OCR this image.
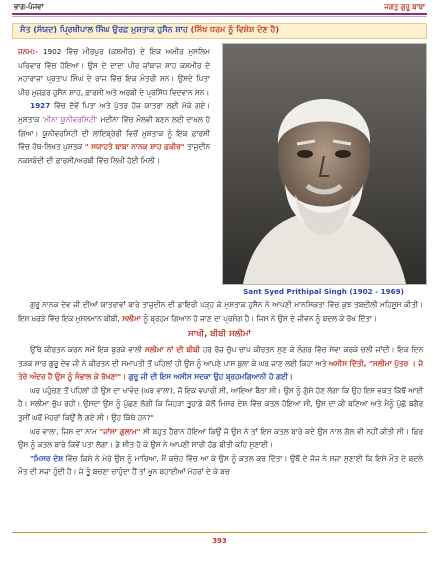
ਭਾਗ-ਪੰਜਵਾਂ	ਜਗਤੁ ਗੁਰੂ ਬਾਬਾ
ਸੰਤ (ਸੱਯਦ) ਪ੍ਰਿਥੀਪਾਲ ਸਿੰਘ ਉਰਫ਼ ਮੁਸ਼ਤਾਕ ਹੁਸੈਨ ਸ਼ਾਹ (ਸਿੱਖ ਧਰਮ ਨੂੰ ਵਿਸ਼ੇਸ਼ ਦੇਣ ਹੈ)

ਜਨਮ:- 1902 ਵਿੱਚ ਮੀਰਪੁਰ (ਕਸ਼ਮੀਰ) ਦੇ ਇਕ ਅਮੀਰ ਮੁਸਲਿਮ ਪਰਿਵਾਰ ਵਿੱਚ ਹੋਇਆ। ਉਸ ਦੇ ਦਾਦਾ ਪੀਰ ਜ਼ਾਂਬਾਜ਼ ਸ਼ਾਹ ਕਸ਼ਮੀਰ ਦੇ ਮਹਾਰਾਜਾ ਪ੍ਰਤਾਪ ਸਿੰਘ ਦੇ ਰਾਜ ਵਿੱਚ ਇਕ ਮੰਤਰੀ ਸਨ। ਉਸਦੇ ਪਿਤਾ ਪੀਰ ਮੁਜ਼ਫ਼ਰ ਹੁਸੈਨ ਸ਼ਾਹ, ਫ਼ਾਰਸੀ ਅਤੇ ਅਰਬੀ ਦੇ ਪ੍ਰਸਿੱਧ ਵਿਦਵਾਨ ਸਨ।

1927 ਵਿੱਚ ਦੋਵੇਂ ਪਿਤਾ ਅਤੇ ਪੁੱਤਰ ਹੱਜ ਯਾਤਰਾ ਲਈ ਮੱਕੇ ਗਏ। ਮੁਸ਼ਤਾਕ 'ਮੀਨਾ ਯੂਨੀਵਰਸਿਟੀ' ਮਦੀਨਾ ਵਿੱਚ ਮੌਲਵੀ ਬਣਨ ਲਈ ਦਾਖ਼ਲ ਹੋ ਗਿਆ। ਯੂਨੀਵਰਸਿਟੀ ਦੀ ਲਾਇਬ੍ਰੇਰੀ ਵਿਚੋਂ ਮੁਸ਼ਤਾਕ ਨੂੰ ਇਕ ਫ਼ਾਰਸੀ ਵਿੱਚ ਹੱਥ-ਲਿਖਤ ਪੁਸਤਕ " ਸਯਾਹਤੇ ਬਾਬਾ ਨਾਨਕ ਸ਼ਾਹ ਫ਼ਕੀਰ" ਤਾਜੁਦੀਨ ਨਕਸ਼ਬੰਦੀ ਦੀ ਫ਼ਾਰਸੀ/ਅਰਬੀ ਵਿੱਚ ਲਿਖੀ ਹੋਈ ਮਿਲੀ।

Sant Syed Prithipal Singh (1902 - 1969)

ਗੁਰੂ ਨਾਨਕ ਦੇਵ ਜੀ ਦੀਆਂ ਯਾਤਰਾਵਾਂ ਬਾਰੇ ਤਾਜੁਦੀਨ ਦੀ ਡਾਇਰੀ ਪੜ੍ਹ ਕੇ ਮੁਸ਼ਤਾਕ ਹੁਸੈਨ ਨੇ ਆਪਣੀ ਮਾਨਸਿਕਤਾ ਵਿੱਚ ਕੁਝ ਤਬਦੀਲੀ ਮਹਿਸੂਸ ਕੀਤੀ। ਇਸ ਖ਼ਰੜੇ ਵਿੱਚ ਇਕ ਮੁਸਲਮਾਨ ਬੀਬੀ, ਸਲੀਮਾ ਨੂੰ ਬ੍ਰਹਮ ਗਿਆਨ ਹੋ ਜਾਣ ਦਾ ਪ੍ਰਸੰਗ ਹੈ। ਜਿਸ ਨੇ ਉਸ ਦੇ ਜੀਵਨ ਨੂੰ ਬਦਲ ਕੇ ਰੱਖ ਦਿੱਤਾ।

ਸਾਖੀ, ਬੀਬੀ ਸਲੀਮਾਂ

ਉੱਥੇ ਕੀਰਤਨ ਕਰਨ ਸਮੇਂ ਇਕ ਬੁਰਕੇ ਵਾਲੀ ਸਲੀਮਾ ਨਾਂ ਦੀ ਬੀਬੀ ਹਰ ਰੋਜ਼ ਚੁੱਪ ਚਾਪ ਕੀਰਤਨ ਸੁਣ ਕੇ ਲੰਗਰ ਵਿੱਚ ਸੇਵਾ ਕਰਕੇ ਚਲੀ ਜਾਂਦੀ। ਇਕ ਦਿਨ ਤੜਕ ਸਾਰ ਗੁਰੂ ਦੇਵ ਜੀ ਨੇ ਕੀਰਤਨ ਦੀ ਸਮਾਪਤੀ ਤੋਂ ਪਹਿਲਾਂ ਹੀ ਉਸ ਨੂੰ ਆਪਣੇ ਪਾਸ ਬੁਲਾ ਕੇ ਘਰ ਜਾਣ ਲਈ ਕਿਹਾ ਅਤੇ ਅਸੀਸ ਦਿੱਤੀ, "ਸਲੀਮਾ ਪੁੱਤਰ । ਜੋ ਤੇਰੇ ਅੰਦਰ ਹੈ ਉਸ ਨੂੰ ਸੰਭਾਲ ਕੇ ਰੱਖਣਾ"। ਗੁਰੂ ਜੀ ਦੀ ਇਸ ਅਸੀਸ ਸਦਕਾ ਉਹ ਬ੍ਰਹਮਗਿਆਨੀ ਹੋ ਗਈ।

ਘਰ ਪਹੁੰਚਣ ਤੋਂ ਪਹਿਲਾਂ ਹੀ ਉਸ ਦਾ ਖਾਵੰਦ (ਘਰ ਵਾਲਾ), ਜੋ ਇਕ ਵਪਾਰੀ ਸੀ, ਆਇਆ ਬੈਠਾ ਸੀ। ਉਸ ਨੂੰ ਗੁੱਸੇ ਹੋਣ ਲੱਗਾ ਕਿ ਉਹ ਇਸ ਵਕਤ ਕਿੱਥੋਂ ਆਈ ਹੈ। ਸਲੀਮਾ ਚੁੱਪ ਰਹੀ। ਉਸਦਾ ਉਸ ਨੂੰ ਪੁੱਛਣ ਲੱਗੀ ਕਿ ਜਿਹੜਾ ਤੂਹਾਡੇ ਕੋਲੋਂ ਮਿਸਰ ਦੇਸ਼ ਵਿੱਚ ਕਤਲ ਹੋਇਆ ਸੀ, ਉਸ ਦਾ ਕੀ ਬਣਿਆ ਅਤੇ ਮੈਨੂੰ ਪੁੱਛੋ ਬਗੈਰ ਤੁਸੀਂ ਘਰੋਂ ਮੋਹਰਾਂ ਕਿਉਂ ਲੈ ਗਏ ਸੀ। ਉਹ ਕਿੱਥੇ ਹਨ?"

ਘਰ ਵਾਲਾ, ਜਿਸ ਦਾ ਨਾਮ "ਜਾਂਸਾ ਗੁਲਾਮ" ਸੀ ਬਹੁਤ ਹੈਰਾਨ ਹੋਇਆ ਕਿਉਂ ਜੋ ਉਸ ਨੇ ਤਾਂ ਇਸ ਕਤਲ ਬਾਰੇ ਕਦੇ ਉਸ ਨਾਲ ਗੱਲ ਵੀ ਨਹੀਂ ਕੀਤੀ ਸੀ। ਫਿਰ ਉਸ ਨੂੰ ਕਤਲ ਬਾਰੇ ਕਿਵੇਂ ਪਤਾ ਲੱਗਾ। ਡੇ ਸ਼ੀਤ ਹੋ ਕੇ ਉਸ ਨੇ ਆਪਣੀ ਸਾਰੀ ਹੱਡ ਬੀਤੀ ਕਹਿ ਸੁਣਾਈ।

"ਮਿਸਰ ਦੇਸ਼ ਵਿੱਚ ਕਿਸੇ ਨੇ ਮੇਰੇ ਉਸ ਨੂੰ ਮਾਰਿਆ, ਮੈਂ ਕਚੇਹ ਵਿੱਚ ਆ ਕੇ ਉਸ ਨੂੰ ਕਤਲ ਕਰ ਦਿੱਤਾ। ਉਥੋਂ ਦੇ ਜੱਜ ਨੇ ਸਜ਼ਾ ਸੁਣਾਈ ਕਿ ਇਸੇ ਮੌਤ ਦੇ ਬਦਲੇ ਮੌਤ ਦੀ ਸਜ਼ਾ ਹੁੰਦੀ ਹੈ। ਜੇ ਤੂੰ ਬਚਣਾ ਚਾਹੁੰਦਾ ਹੈਂ ਤਾਂ ਖੂਨ ਬਹਾਈਆਂ ਮੋਹਰਾਂ ਦੇ ਕੇ ਬਚ

393
